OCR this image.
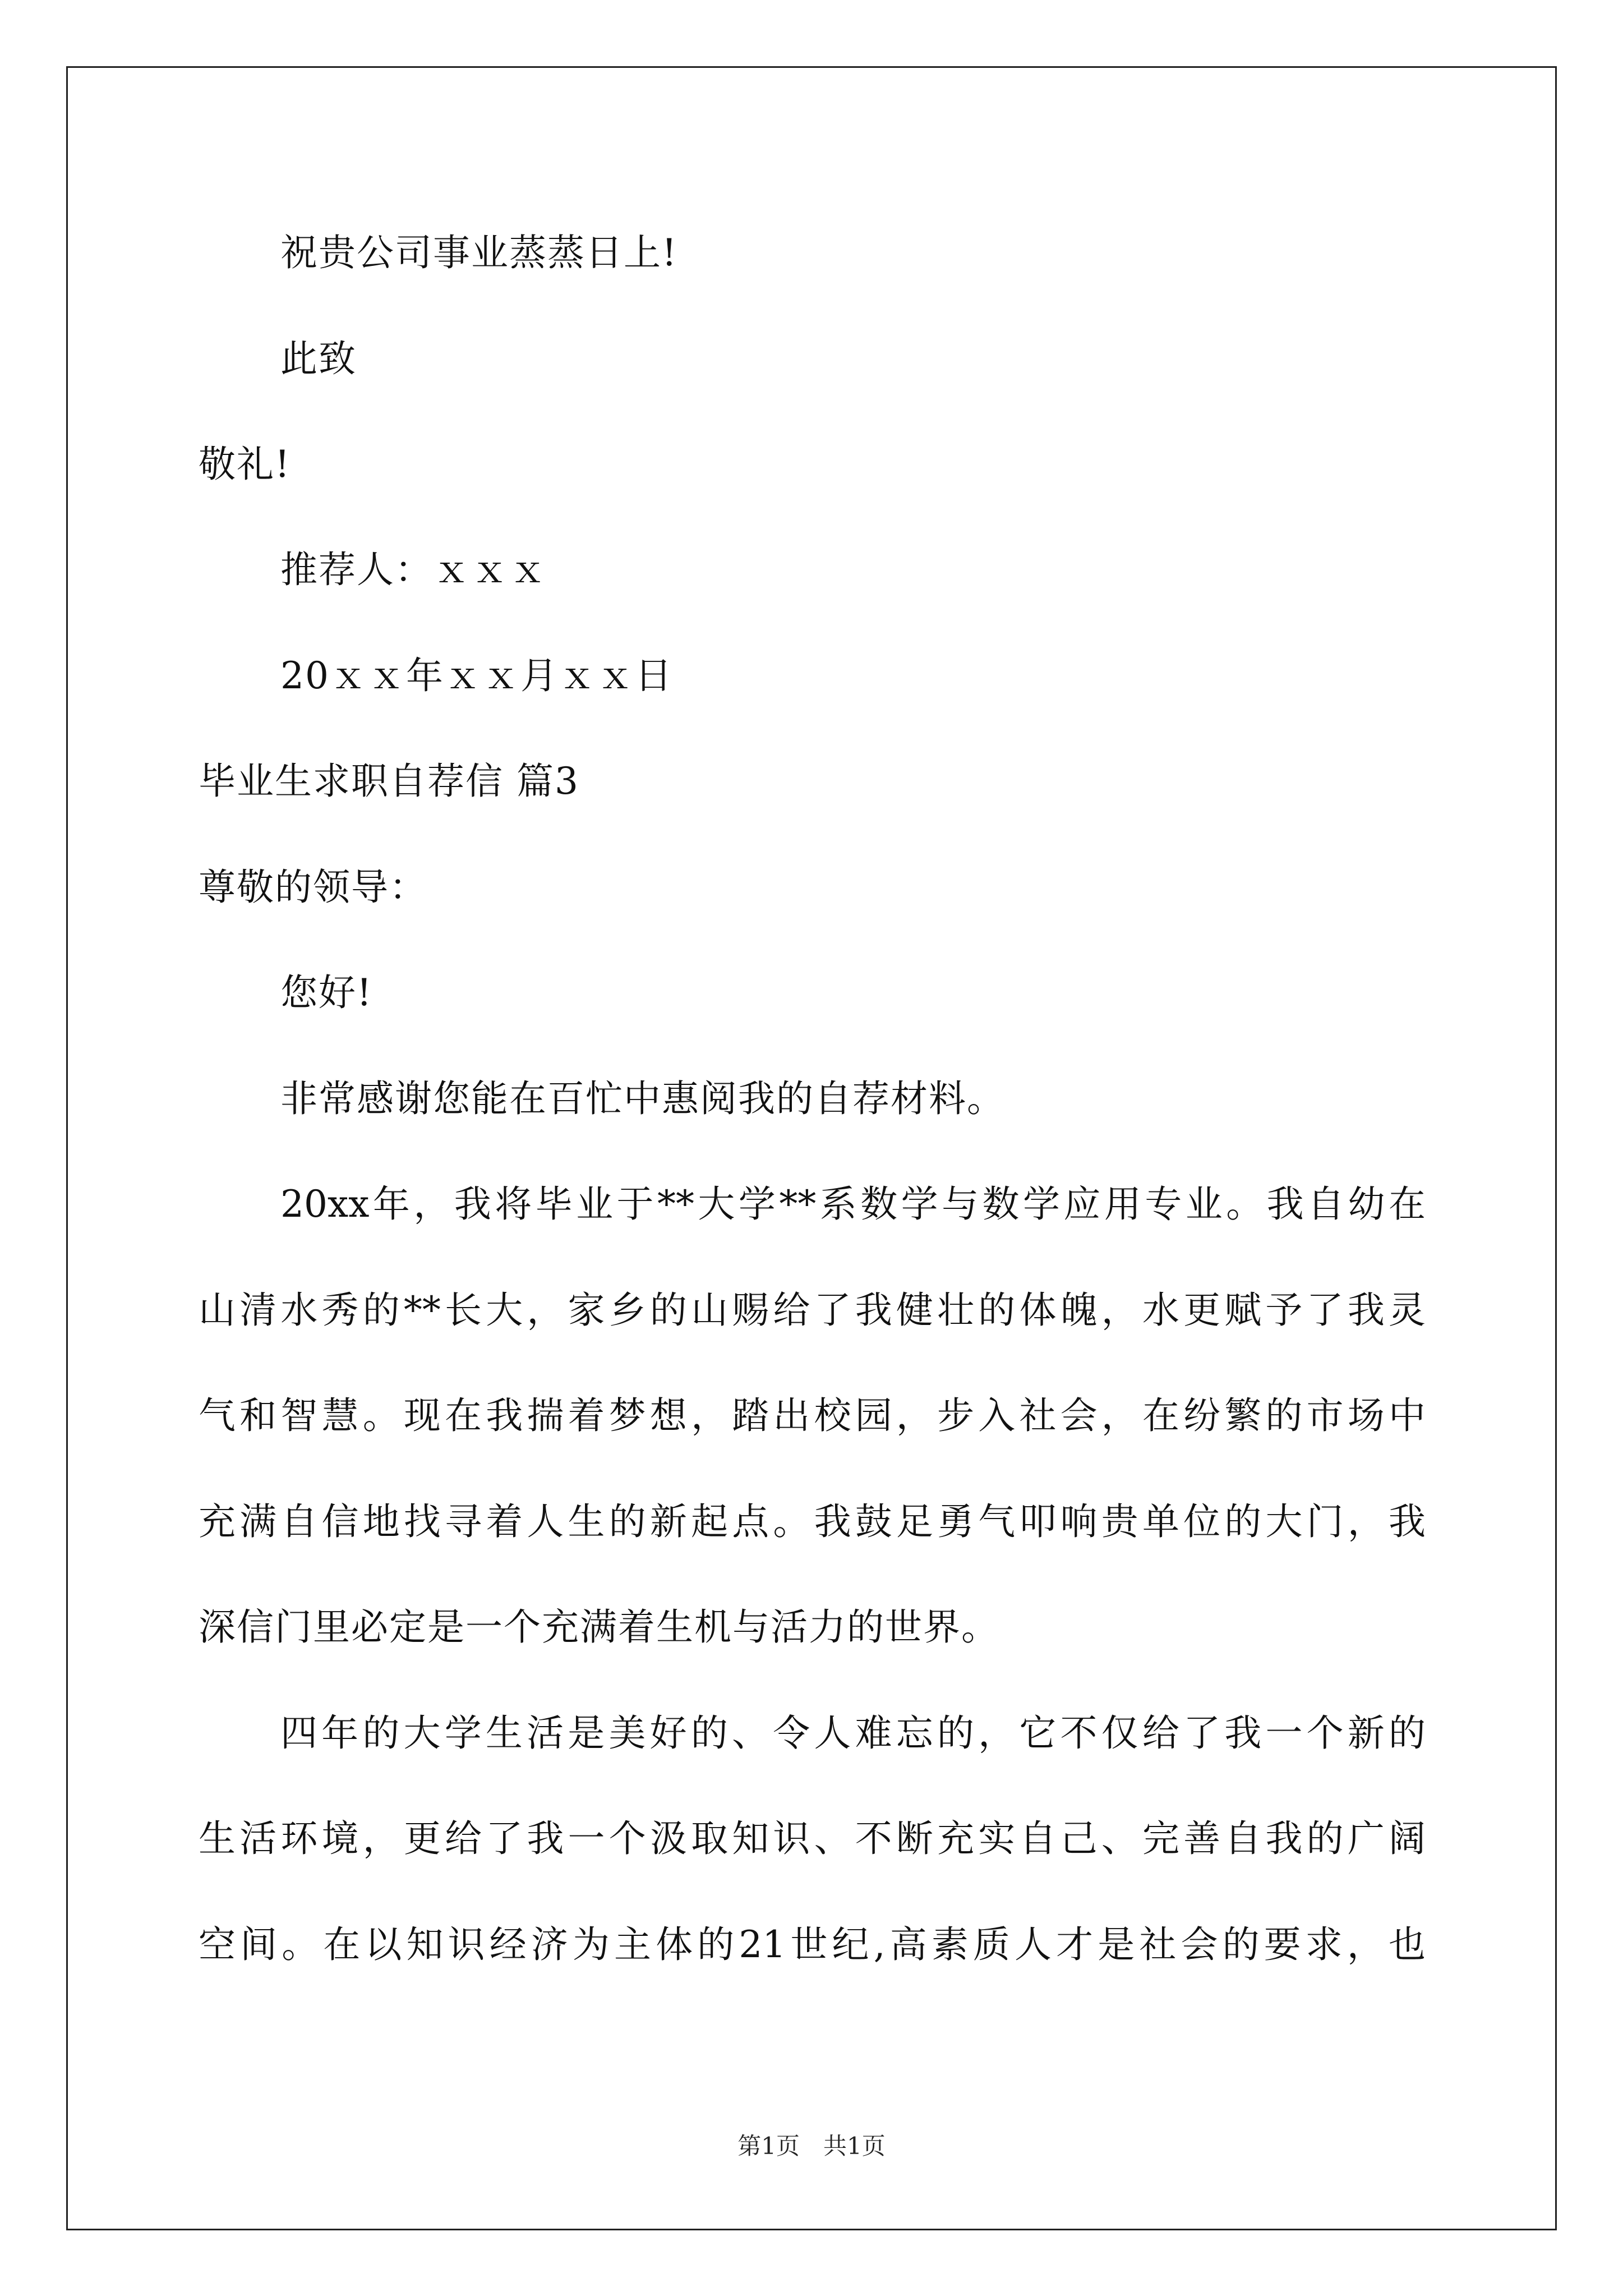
祝贵公司事业蒸蒸日上!

此致

敬礼!

推荐人：ｘｘｘ

20ｘｘ年ｘｘ月ｘｘ日

毕业生求职自荐信 篇3

尊敬的领导：

您好!

非常感谢您能在百忙中惠阅我的自荐材料。

20xx年，我将毕业于**大学**系数学与数学应用专业。我自幼在

山清水秀的**长大，家乡的山赐给了我健壮的体魄，水更赋予了我灵

气和智慧。现在我揣着梦想，踏出校园，步入社会，在纷繁的市场中

充满自信地找寻着人生的新起点。我鼓足勇气叩响贵单位的大门，我

深信门里必定是一个充满着生机与活力的世界。

四年的大学生活是美好的、令人难忘的，它不仅给了我一个新的

生活环境，更给了我一个汲取知识、不断充实自己、完善自我的广阔

空间。在以知识经济为主体的21世纪,高素质人才是社会的要求，也

第1页　共1页
